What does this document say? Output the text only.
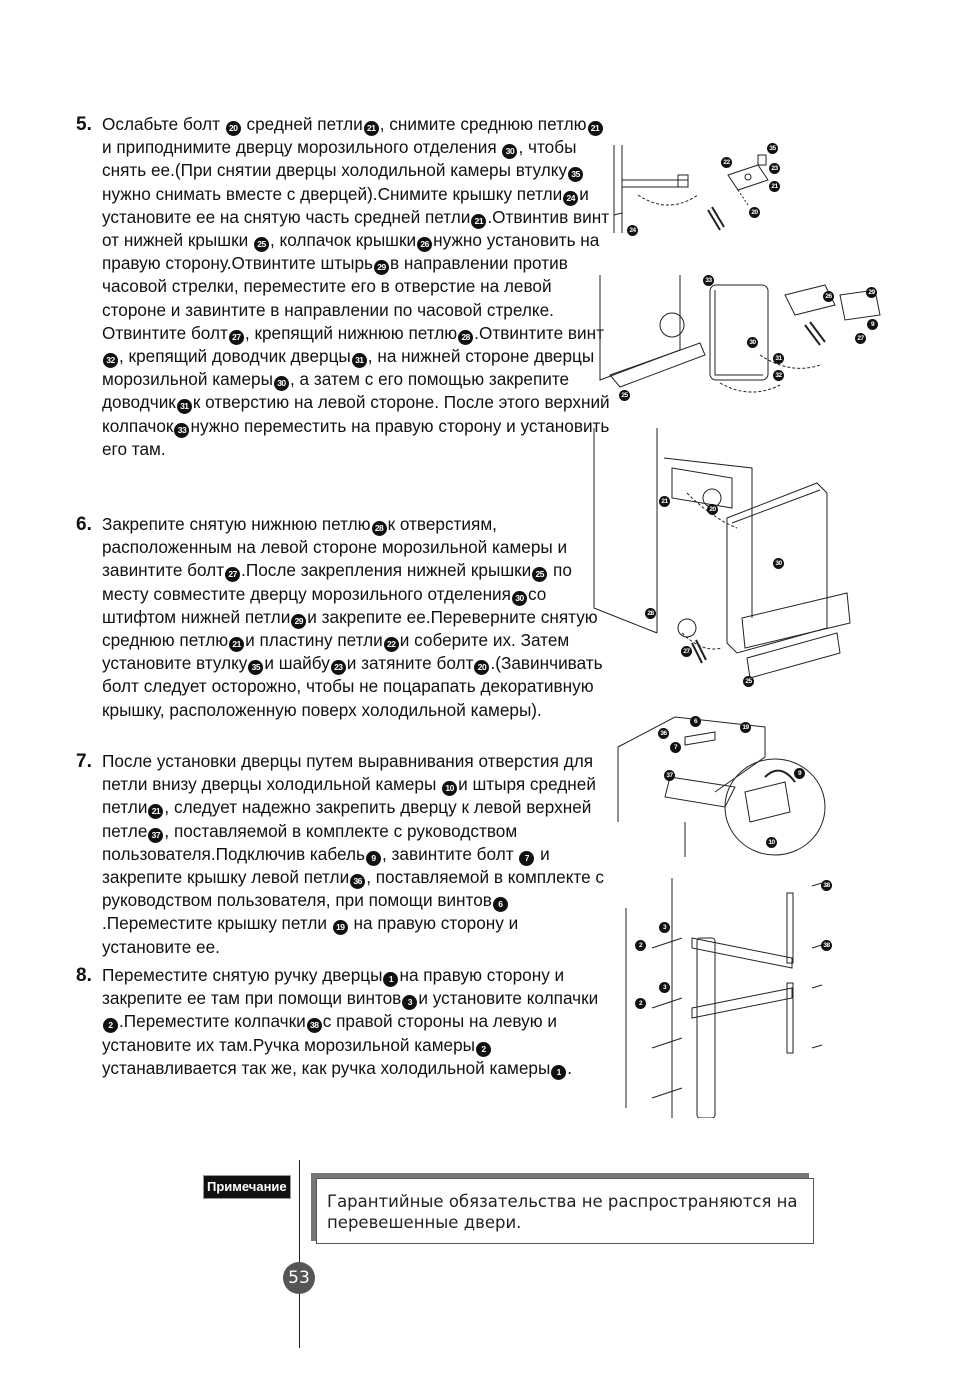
5. Ослабьте болт 20 средней петли 21 , снимите среднюю петлю 21и приподнимите дверцу морозильного отделения 30 , чтобы снять ее.(При снятии дверцы холодильной камеры втулку 35нужно снимать вместе с дверцей).Снимите крышку петли 24 и установите ее на снятую часть средней петли 21 .Отвинтив винт от нижней крышки 25 , колпачок крышки 26 нужно установить на правую сторону.Отвинтите штырь 29 в направлении против часовой стрелки, переместите его в отверстие на левой стороне и завинтите в направлении по часовой стрелке. Отвинтите болт 27 , крепящий нижнюю петлю 28 .Отвинтите винт32 , крепящий доводчик дверцы 31 , на нижней стороне дверцы морозильной камеры 30 , а затем с его помощью закрепите доводчик 31 к отверстию на левой стороне. После этого верхний колпачок 33 нужно переместить на правую сторону и установить его там.
6. Закрепите снятую нижнюю петлю 28 к отверстиям, расположенным на левой стороне морозильной камеры и завинтите болт 27 .После закрепления нижней крышки 25 по месту совместите дверцу морозильного отделения 30 со штифтом нижней петли 29 и закрепите ее.Переверните снятую среднюю петлю 21 и пластину петли 22 и соберите их. Затем установите втулку 35 и шайбу 23 и затяните болт 20 .(Завинчивать болт следует осторожно, чтобы не поцарапать декоративную крышку, расположенную поверх холодильной камеры).
7. После установки дверцы путем выравнивания отверстия для петли внизу дверцы холодильной камеры 10 и штыря средней петли 21 , следует надежно закрепить дверцу к левой верхней петле 37 , поставляемой в комплекте с руководством пользователя.Подключив кабель 9 , завинтите болт 7 и закрепите крышку левой петли 36 , поставляемой в комплекте с руководством пользователя, при помощи винтов 6.Переместите крышку петли 19 на правую сторону и установите ее.
8. Переместите снятую ручку дверцы 1 на правую сторону и закрепите ее там при помощи винтов 3 и установите колпачки2 .Переместите колпачки 38 с правой стороны на левую и установите их там.Ручка морозильной камеры 2устанавливается так же, как ручка холодильной камеры 1 .
35
22
23
21
20
24
33
29
26
25
30
31
32
27
9
21
20
30
28
27
25
6
36
7
37
19
9
10
38
3
2	38
3
2
Примечание
Гарантийные обязательства не распространяются на перевешенные двери.
53
